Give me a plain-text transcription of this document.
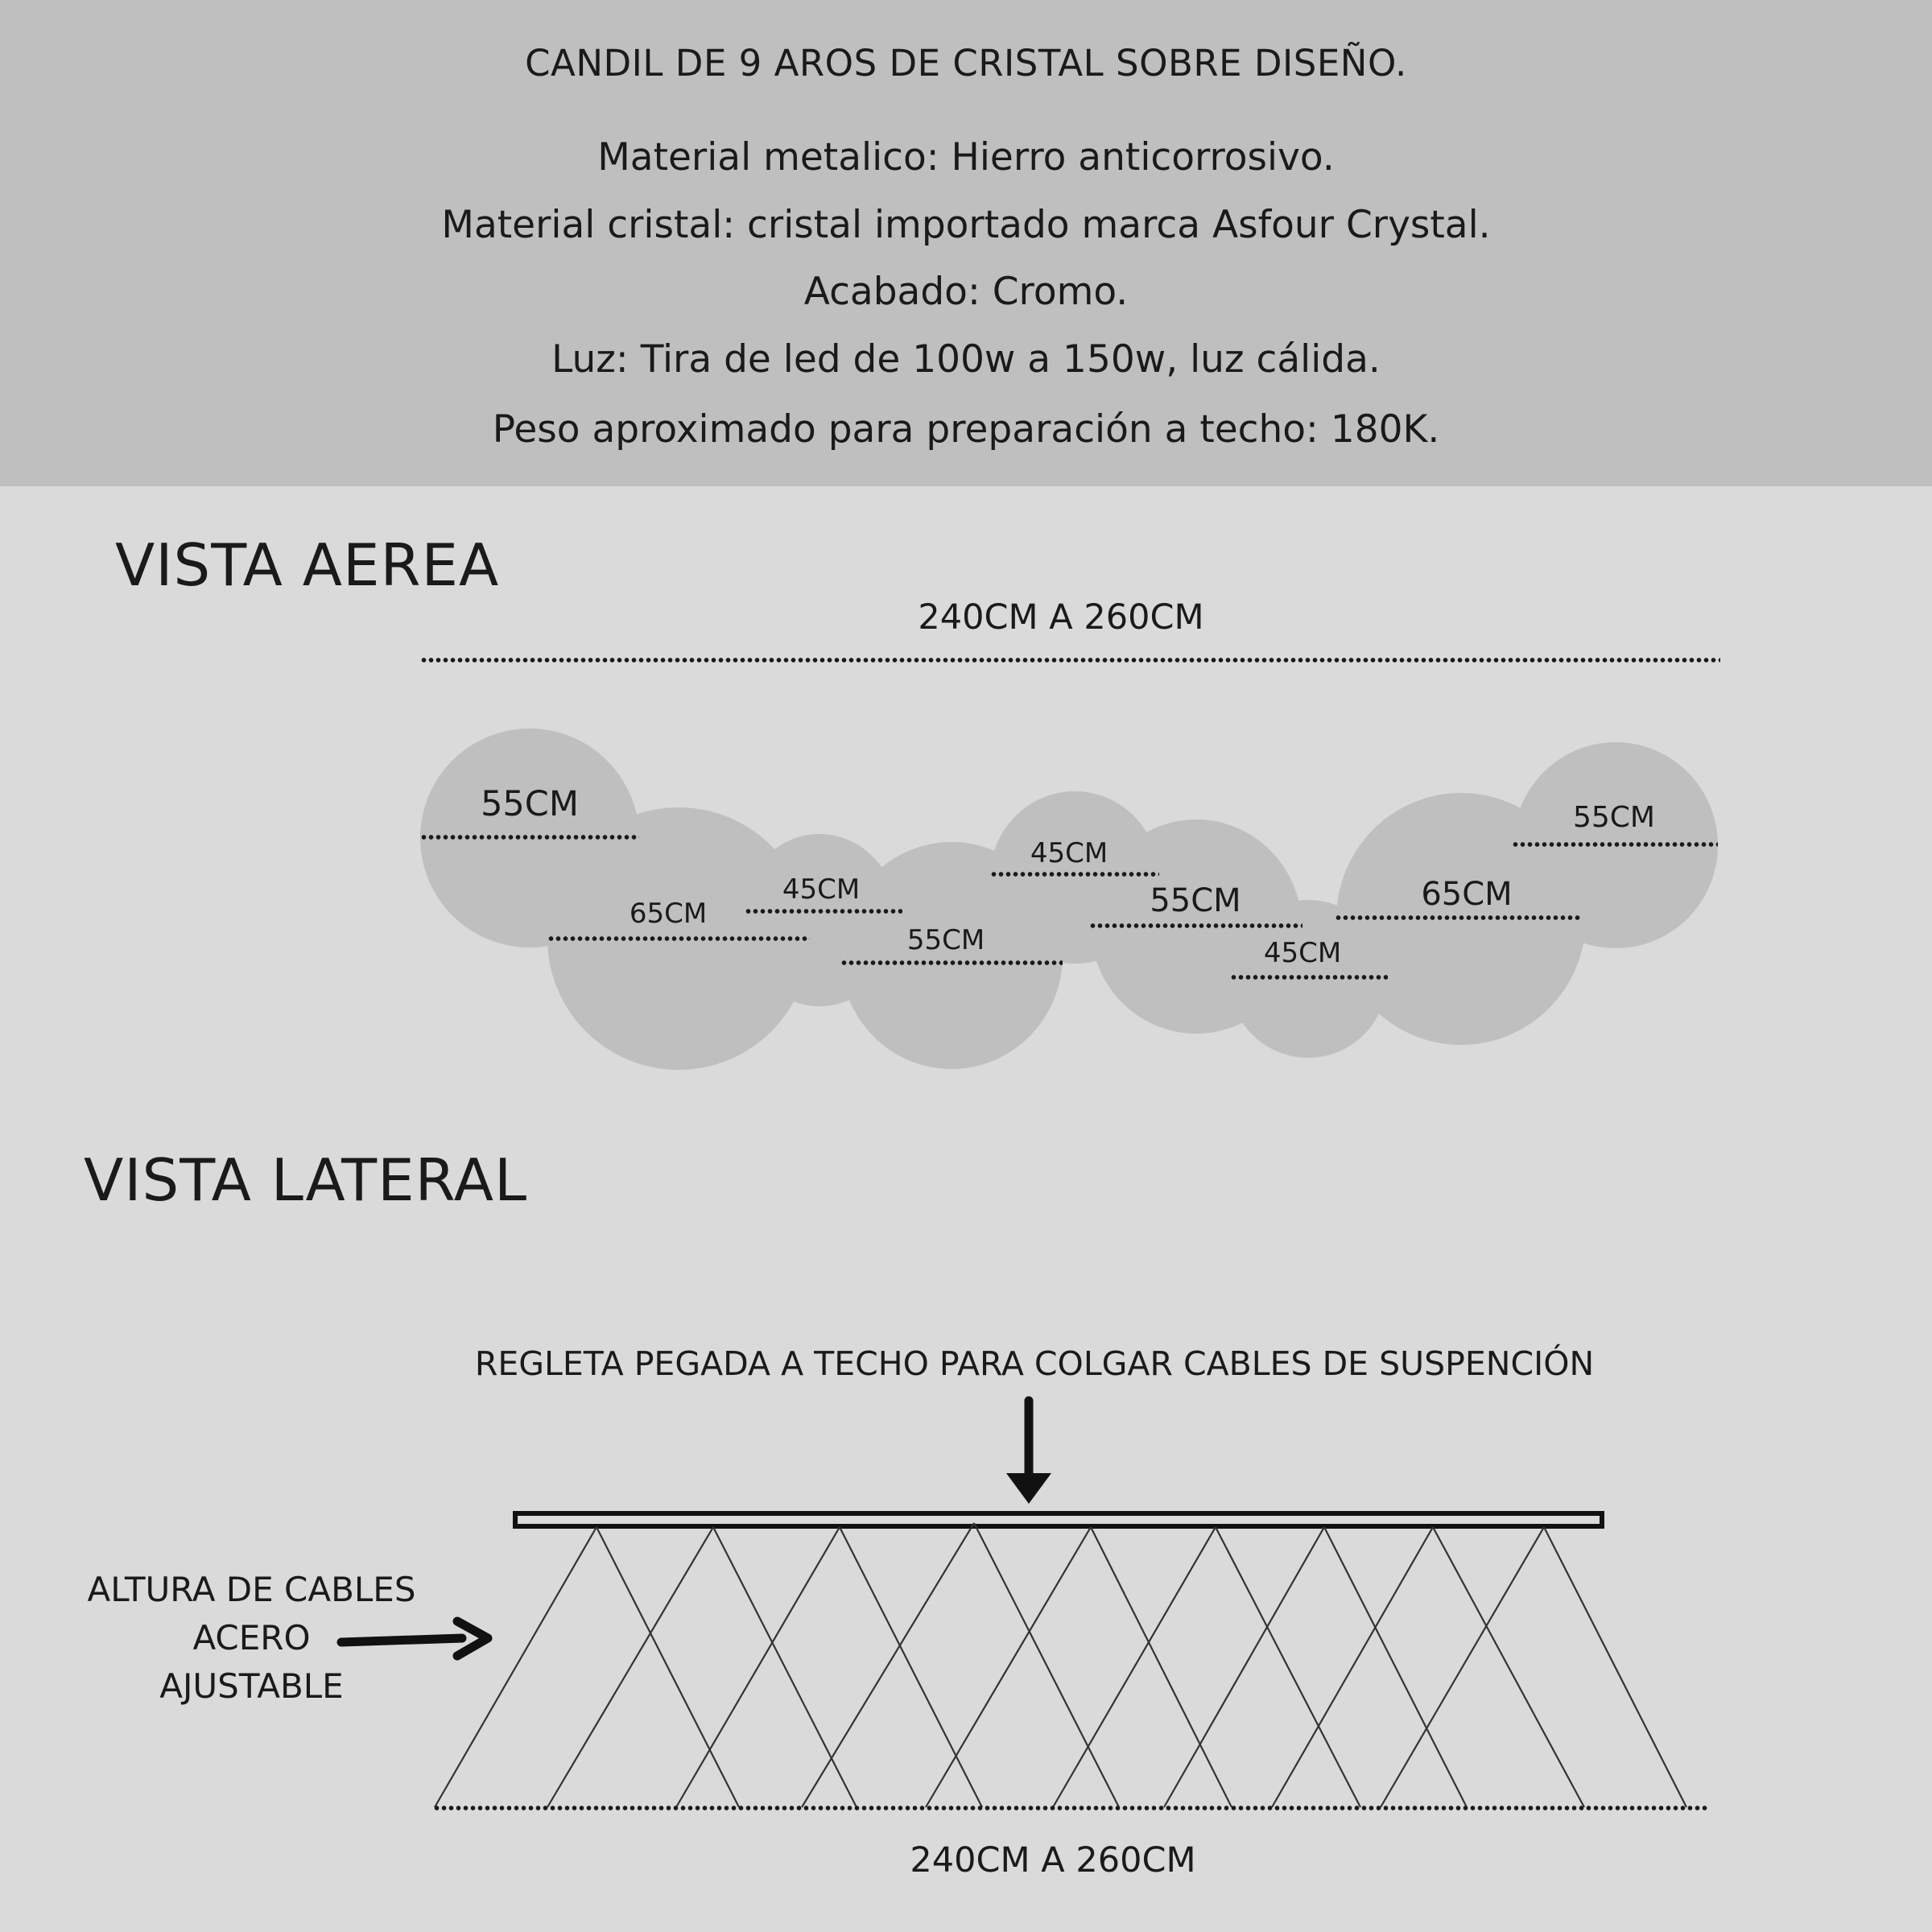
CANDIL DE 9 AROS DE CRISTAL SOBRE DISEÑO.
Material metalico: Hierro anticorrosivo.
Material cristal: cristal importado marca Asfour Crystal.
Acabado: Cromo.
Luz: Tira de led de 100w a 150w, luz cálida.
Peso aproximado para preparación a techo: 180K.
VISTA AEREA
240CM A 260CM
55CM
65CM
45CM
55CM
45CM
55CM
45CM
65CM
55CM
VISTA LATERAL
REGLETA PEGADA A TECHO PARA COLGAR CABLES DE SUSPENCIÓN
ALTURA DE CABLES
ACERO
AJUSTABLE
240CM A 260CM
